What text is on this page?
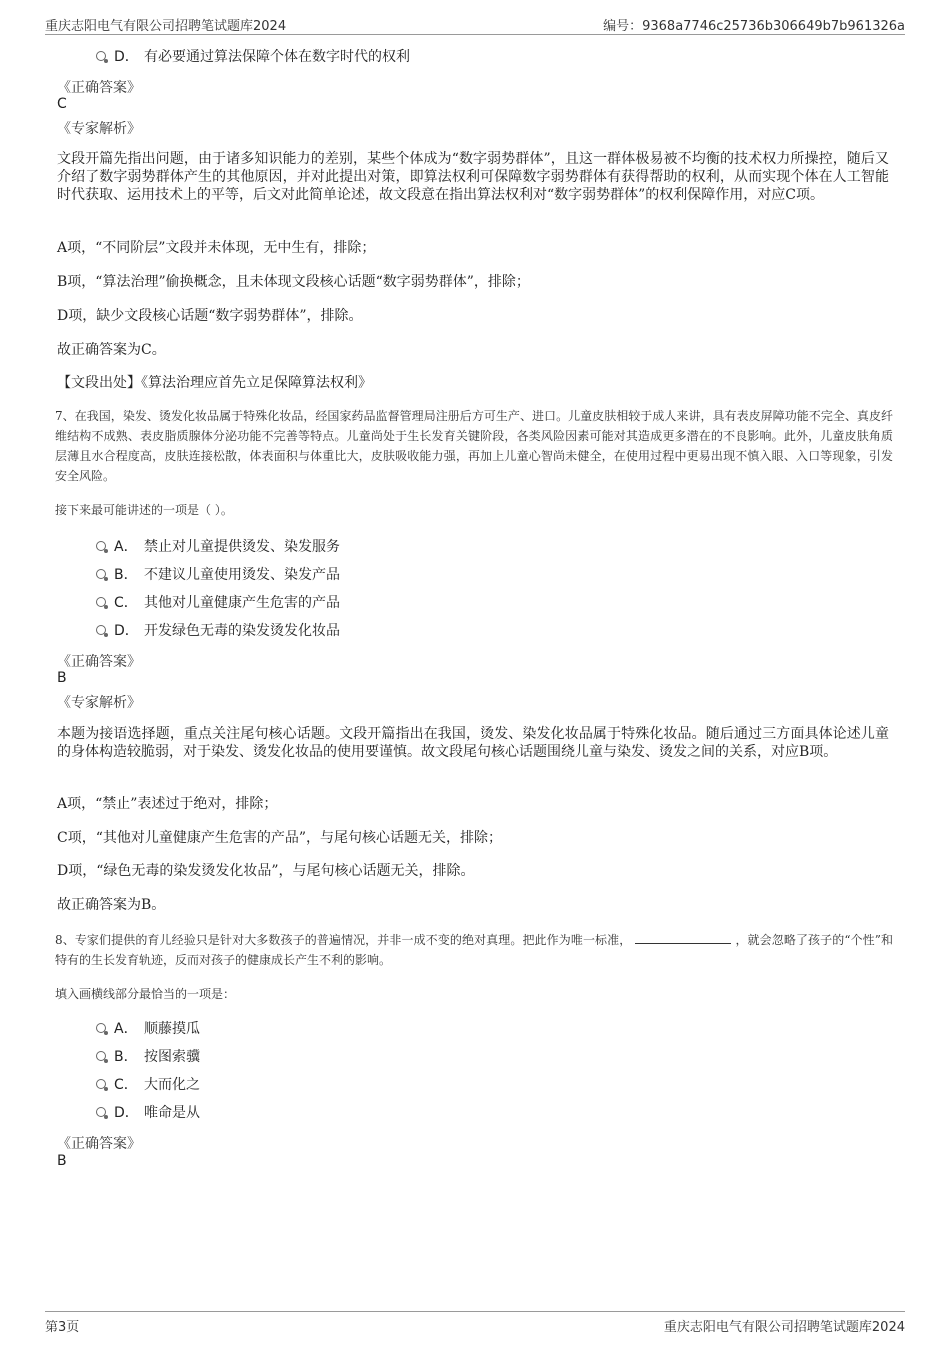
重庆志阳电气有限公司招聘笔试题库2024	编号：9368a7746c25736b306649b7b961326a
D． 有必要通过算法保障个体在数字时代的权利
《正确答案》
C
《专家解析》
文段开篇先指出问题，由于诸多知识能力的差别，某些个体成为“数字弱势群体”，且这一群体极易被不均衡的技术权力所操控，随后又介绍了数字弱势群体产生的其他原因，并对此提出对策，即算法权利可保障数字弱势群体有获得帮助的权利，从而实现个体在人工智能时代获取、运用技术上的平等，后文对此简单论述，故文段意在指出算法权利对“数字弱势群体”的权利保障作用，对应C项。
A项，“不同阶层”文段并未体现，无中生有，排除；
B项，“算法治理”偷换概念，且未体现文段核心话题“数字弱势群体”，排除；
D项，缺少文段核心话题“数字弱势群体”，排除。
故正确答案为C。
【文段出处】《算法治理应首先立足保障算法权利》
7、在我国，染发、烫发化妆品属于特殊化妆品，经国家药品监督管理局注册后方可生产、进口。儿童皮肤相较于成人来讲，具有表皮屏障功能不完全、真皮纤维结构不成熟、表皮脂质腺体分泌功能不完善等特点。儿童尚处于生长发育关键阶段，各类风险因素可能对其造成更多潜在的不良影响。此外，儿童皮肤角质层薄且水合程度高，皮肤连接松散，体表面积与体重比大，皮肤吸收能力强，再加上儿童心智尚未健全，在使用过程中更易出现不慎入眼、入口等现象，引发安全风险。
接下来最可能讲述的一项是（ ）。
A． 禁止对儿童提供烫发、染发服务
B． 不建议儿童使用烫发、染发产品
C． 其他对儿童健康产生危害的产品
D． 开发绿色无毒的染发烫发化妆品
《正确答案》
B
《专家解析》
本题为接语选择题，重点关注尾句核心话题。文段开篇指出在我国，烫发、染发化妆品属于特殊化妆品。随后通过三方面具体论述儿童的身体构造较脆弱，对于染发、烫发化妆品的使用要谨慎。故文段尾句核心话题围绕儿童与染发、烫发之间的关系，对应B项。
A项，“禁止”表述过于绝对，排除；
C项，“其他对儿童健康产生危害的产品”，与尾句核心话题无关，排除；
D项，“绿色无毒的染发烫发化妆品”，与尾句核心话题无关，排除。
故正确答案为B。
8、专家们提供的育儿经验只是针对大多数孩子的普遍情况，并非一成不变的绝对真理。把此作为唯一标准，	，就会忽略了孩子的“个性”和特有的生长发育轨迹，反而对孩子的健康成长产生不利的影响。
填入画横线部分最恰当的一项是：
A． 顺藤摸瓜
B． 按图索骥
C． 大而化之
D． 唯命是从
《正确答案》
B
第3页	重庆志阳电气有限公司招聘笔试题库2024
